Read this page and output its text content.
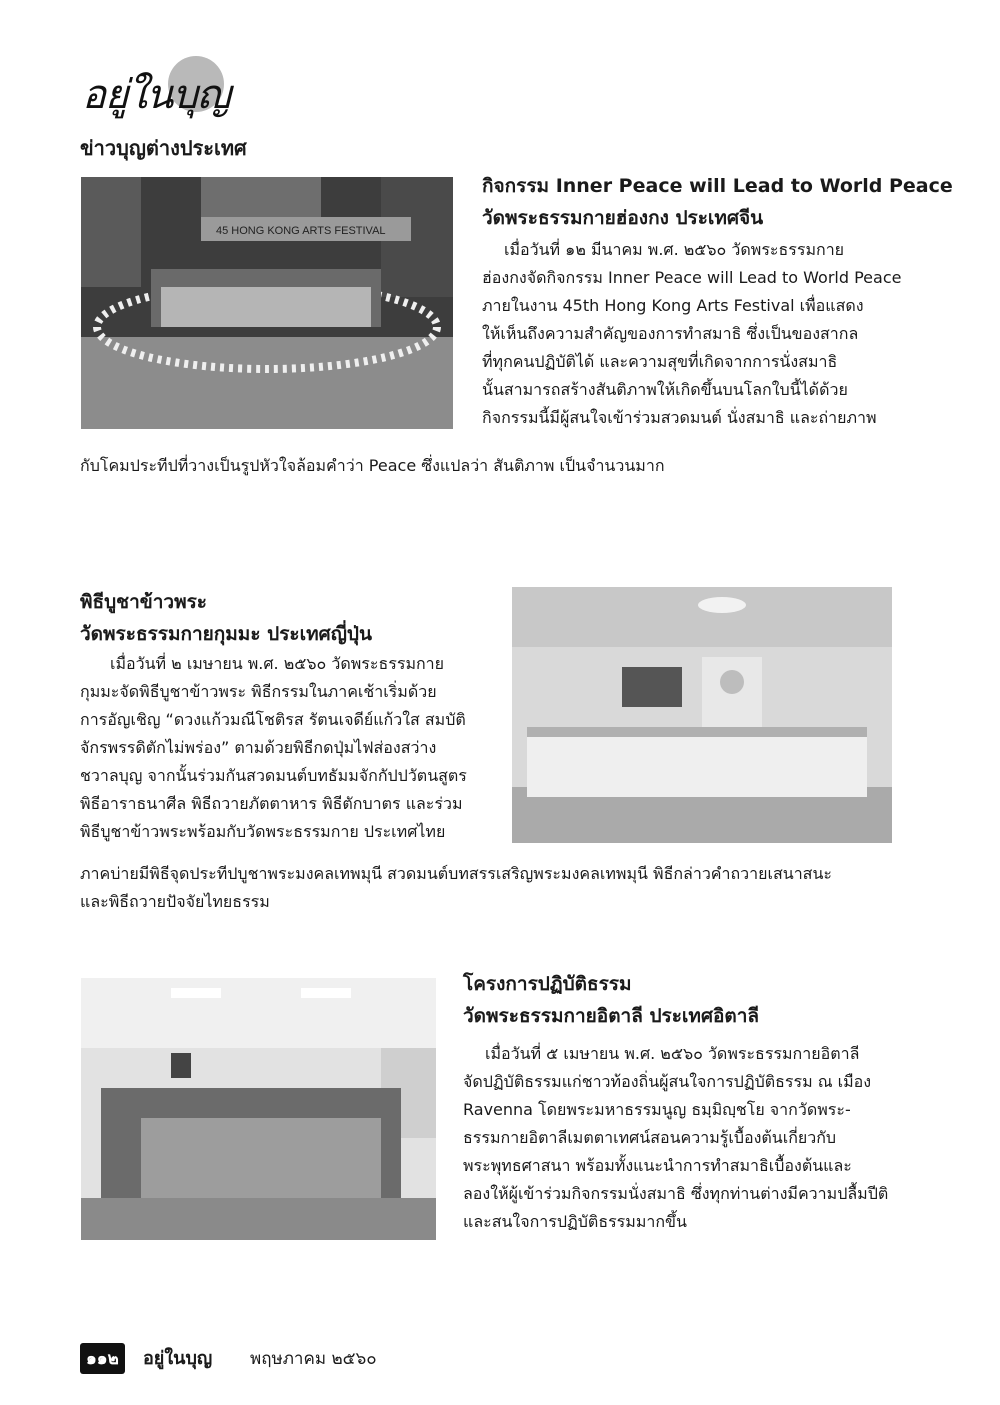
อยู่ในบุญ
ข่าวบุญต่างประเทศ
45 HONG KONG ARTS FESTIVAL
กิจกรรม Inner Peace will Lead to World Peace
วัดพระธรรมกายฮ่องกง ประเทศจีน
เมื่อวันที่ ๑๒ มีนาคม พ.ศ. ๒๕๖๐ วัดพระธรรมกาย
ฮ่องกงจัดกิจกรรม Inner Peace will Lead to World Peace
ภายในงาน 45th Hong Kong Arts Festival เพื่อแสดง
ให้เห็นถึงความสำคัญของการทำสมาธิ ซึ่งเป็นของสากล
ที่ทุกคนปฏิบัติได้ และความสุขที่เกิดจากการนั่งสมาธิ
นั้นสามารถสร้างสันติภาพให้เกิดขึ้นบนโลกใบนี้ได้ด้วย
กิจกรรมนี้มีผู้สนใจเข้าร่วมสวดมนต์ นั่งสมาธิ และถ่ายภาพ
กับโคมประทีปที่วางเป็นรูปหัวใจล้อมคำว่า Peace ซึ่งแปลว่า สันติภาพ เป็นจำนวนมาก
พิธีบูชาข้าวพระ
วัดพระธรรมกายกุมมะ ประเทศญี่ปุ่น
เมื่อวันที่ ๒ เมษายน พ.ศ. ๒๕๖๐ วัดพระธรรมกาย
กุมมะจัดพิธีบูชาข้าวพระ พิธีกรรมในภาคเช้าเริ่มด้วย
การอัญเชิญ “ดวงแก้วมณีโชติรส รัตนเจดีย์แก้วใส สมบัติ
จักรพรรดิตักไม่พร่อง” ตามด้วยพิธีกดปุ่มไฟส่องสว่าง
ชวาลบุญ จากนั้นร่วมกันสวดมนต์บทธัมมจักกัปปวัตนสูตร
พิธีอาราธนาศีล พิธีถวายภัตตาหาร พิธีตักบาตร และร่วม
พิธีบูชาข้าวพระพร้อมกับวัดพระธรรมกาย ประเทศไทย
ภาคบ่ายมีพิธีจุดประทีปบูชาพระมงคลเทพมุนี สวดมนต์บทสรรเสริญพระมงคลเทพมุนี พิธีกล่าวคำถวายเสนาสนะ
และพิธีถวายปัจจัยไทยธรรม
โครงการปฏิบัติธรรม
วัดพระธรรมกายอิตาลี ประเทศอิตาลี
เมื่อวันที่ ๕ เมษายน พ.ศ. ๒๕๖๐ วัดพระธรรมกายอิตาลี
จัดปฏิบัติธรรมแก่ชาวท้องถิ่นผู้สนใจการปฏิบัติธรรม ณ เมือง
Ravenna โดยพระมหาธรรมนูญ ธมฺมิญฺชโย จากวัดพระ-
ธรรมกายอิตาลีเมตตาเทศน์สอนความรู้เบื้องต้นเกี่ยวกับ
พระพุทธศาสนา พร้อมทั้งแนะนำการทำสมาธิเบื้องต้นและ
ลองให้ผู้เข้าร่วมกิจกรรมนั่งสมาธิ ซึ่งทุกท่านต่างมีความปลื้มปีติ
และสนใจการปฏิบัติธรรมมากขึ้น
๑๑๒	อยู่ในบุญ พฤษภาคม ๒๕๖๐
